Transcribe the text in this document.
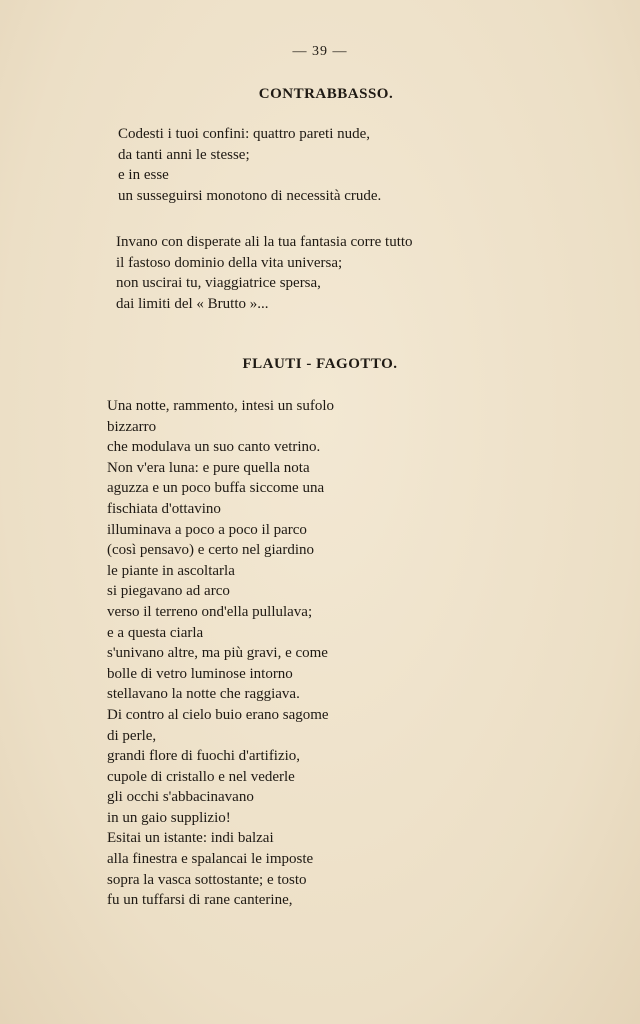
— 39 —
CONTRABBASSO.
Codesti i tuoi confini: quattro pareti nude,
da tanti anni le stesse;
e in esse
un susseguirsi monotono di necessità crude.
Invano con disperate ali la tua fantasia corre tutto
il fastoso dominio della vita universa;
non uscirai tu, viaggiatrice spersa,
dai limiti del « Brutto »...
FLAUTI - FAGOTTO.
Una notte, rammento, intesi un sufolo
bizzarro
che modulava un suo canto vetrino.
Non v'era luna: e pure quella nota
aguzza e un poco buffa siccome una
fischiata d'ottavino
illuminava a poco a poco il parco
(così pensavo) e certo nel giardino
le piante in ascoltarla
si piegavano ad arco
verso il terreno ond'ella pullulava;
e a questa ciarla
s'univano altre, ma più gravi, e come
bolle di vetro luminose intorno
stellavano la notte che raggiava.
Di contro al cielo buio erano sagome
di perle,
grandi flore di fuochi d'artifizio,
cupole di cristallo e nel vederle
gli occhi s'abbacinavano
in un gaio supplizio!
Esitai un istante: indi balzai
alla finestra e spalancai le imposte
sopra la vasca sottostante; e tosto
fu un tuffarsi di rane canterine,
